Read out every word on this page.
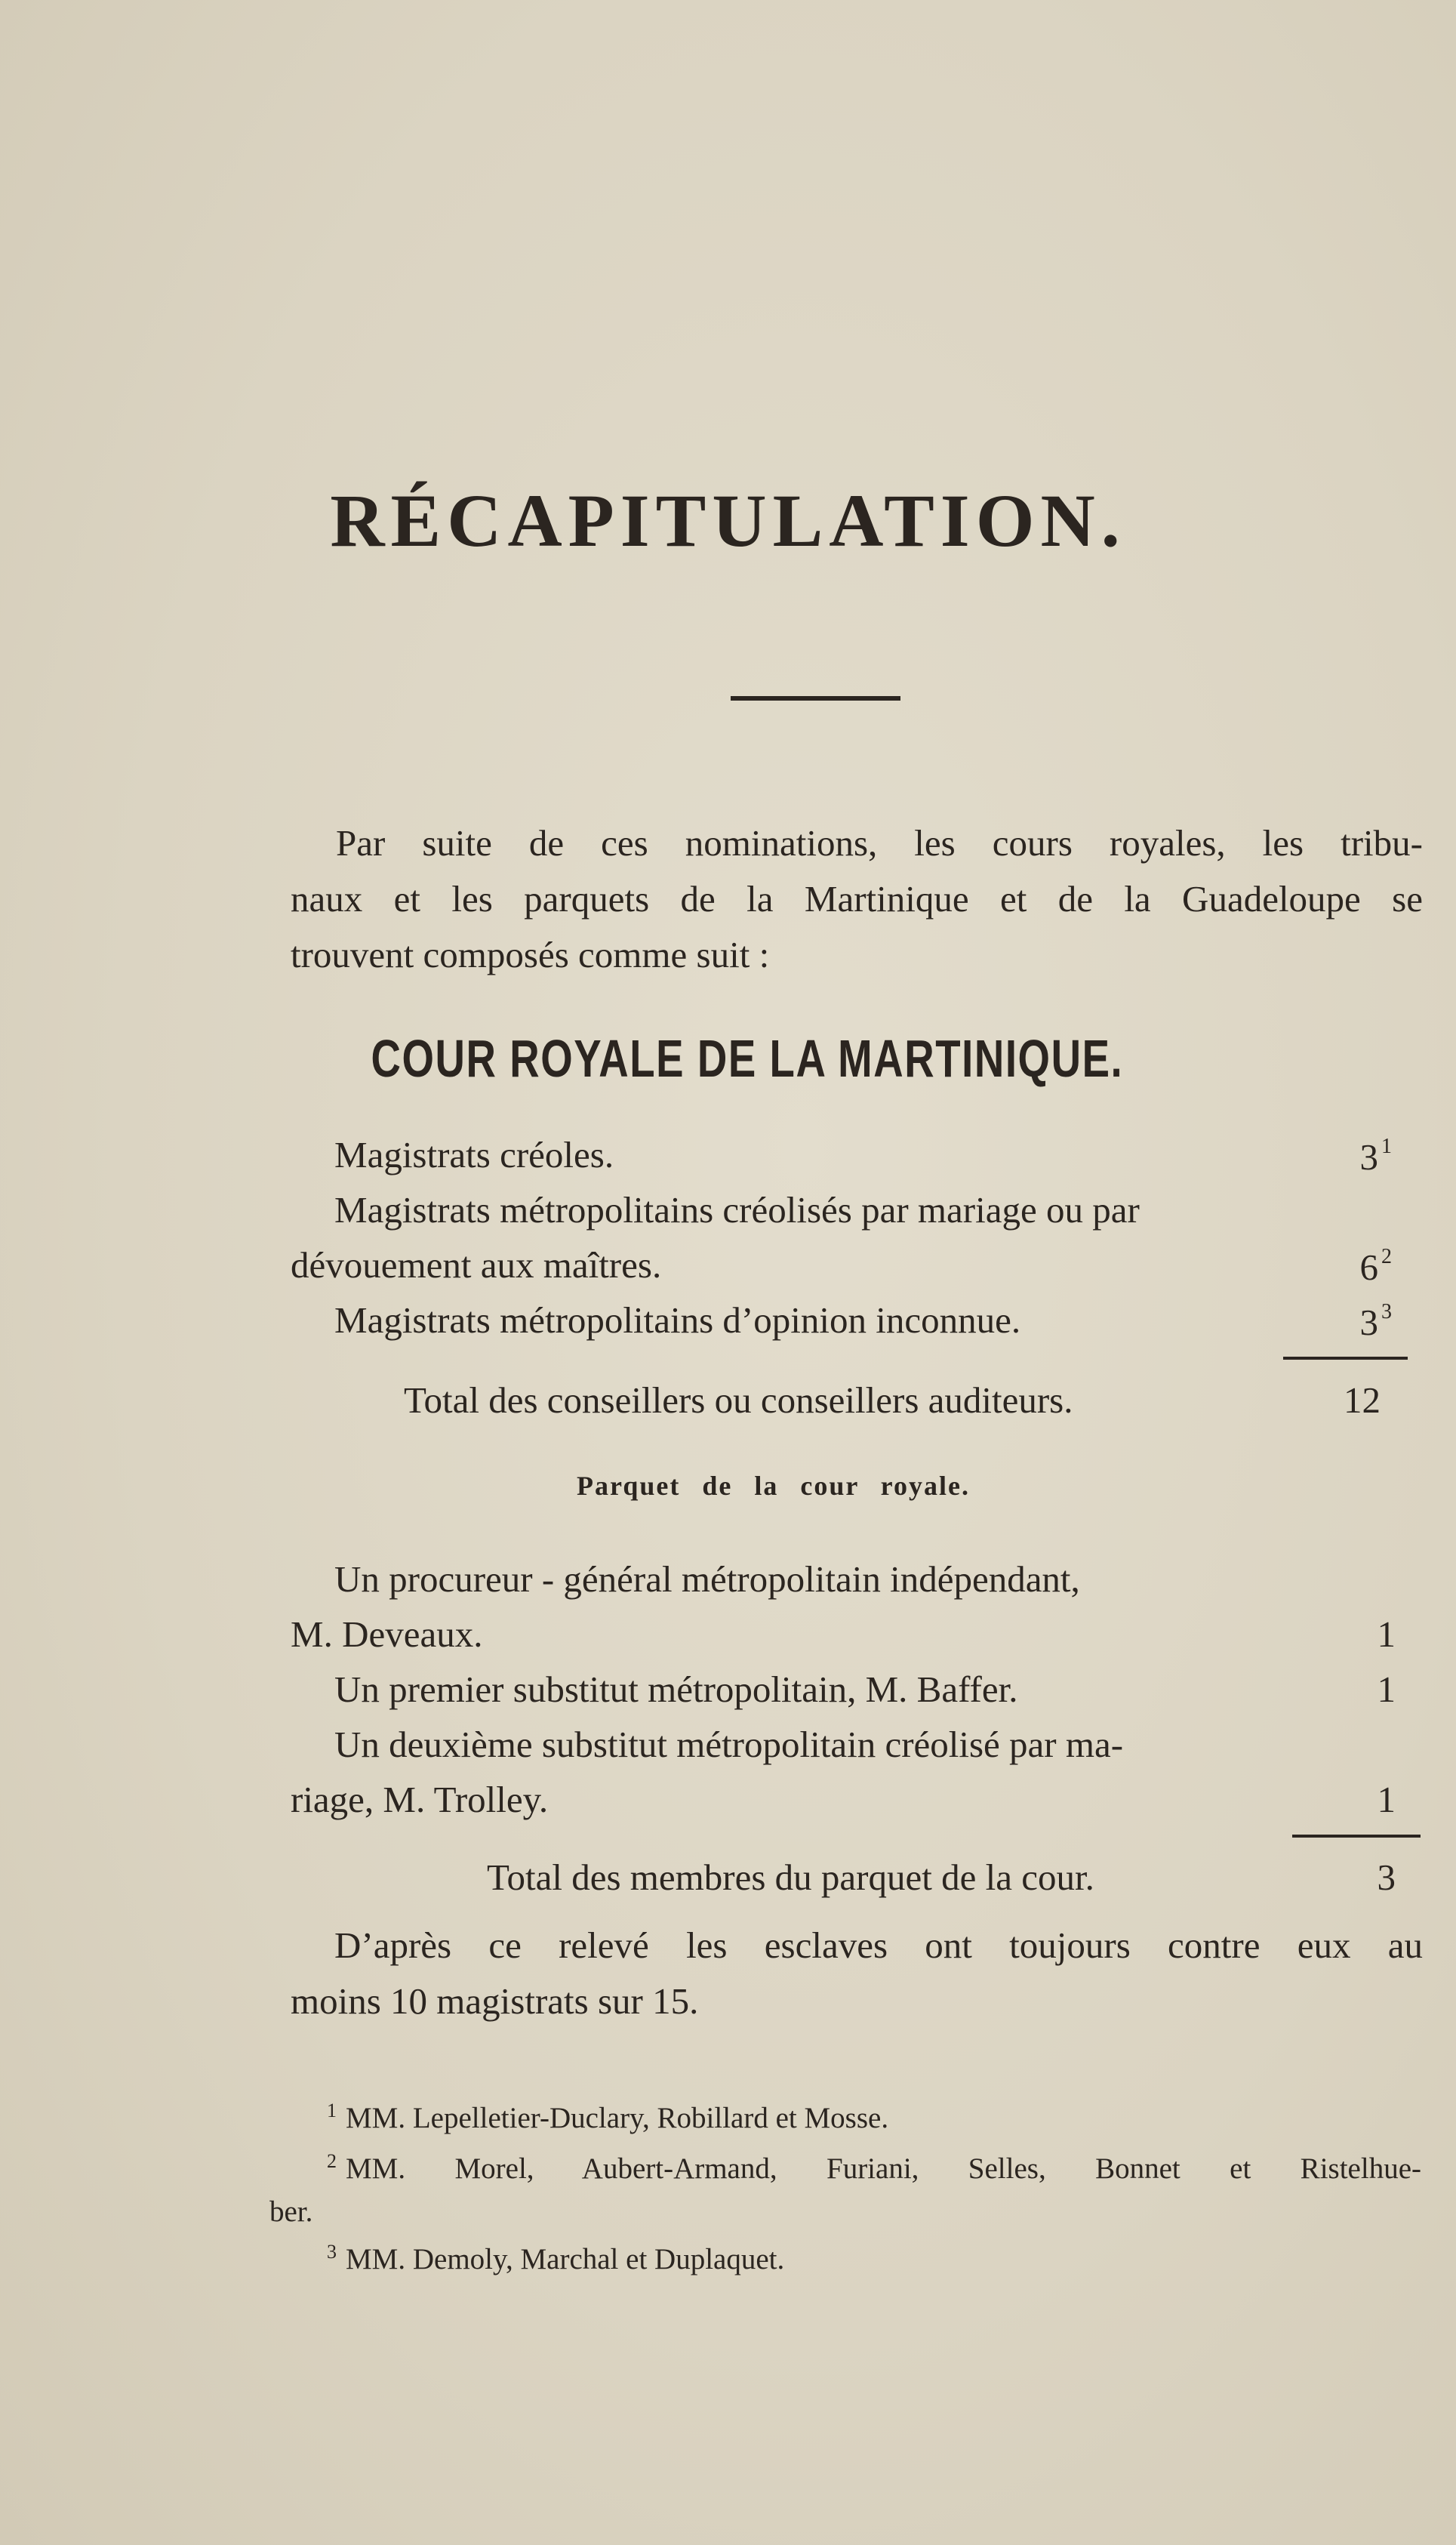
RÉCAPITULATION.
Par suite de ces nominations, les cours royales, les tribu-
naux et les parquets de la Martinique et de la Guadeloupe se
trouvent composés comme suit :
COUR ROYALE DE LA MARTINIQUE.
Magistrats créoles.	3 $^1$
Magistrats métropolitains créolisés par mariage ou par
dévouement aux maîtres.	6 $^2$
Magistrats métropolitains d’opinion inconnue.	3 $^3$
Total des conseillers ou conseillers auditeurs.	12
Parquet de la cour royale.
Un procureur - général métropolitain indépendant,
M. Deveaux.	1
Un premier substitut métropolitain, M. Baffer.	1
Un deuxième substitut métropolitain créolisé par ma-
riage, M. Trolley.	1
Total des membres du parquet de la cour.	3
D’après ce relevé les esclaves ont toujours contre eux au
moins 10 magistrats sur 15.
$^1$ MM. Lepelletier-Duclary, Robillard et Mosse.
$^2$ MM. Morel, Aubert-Armand, Furiani, Selles, Bonnet et Ristelhue-
ber.
$^3$ MM. Demoly, Marchal et Duplaquet.
